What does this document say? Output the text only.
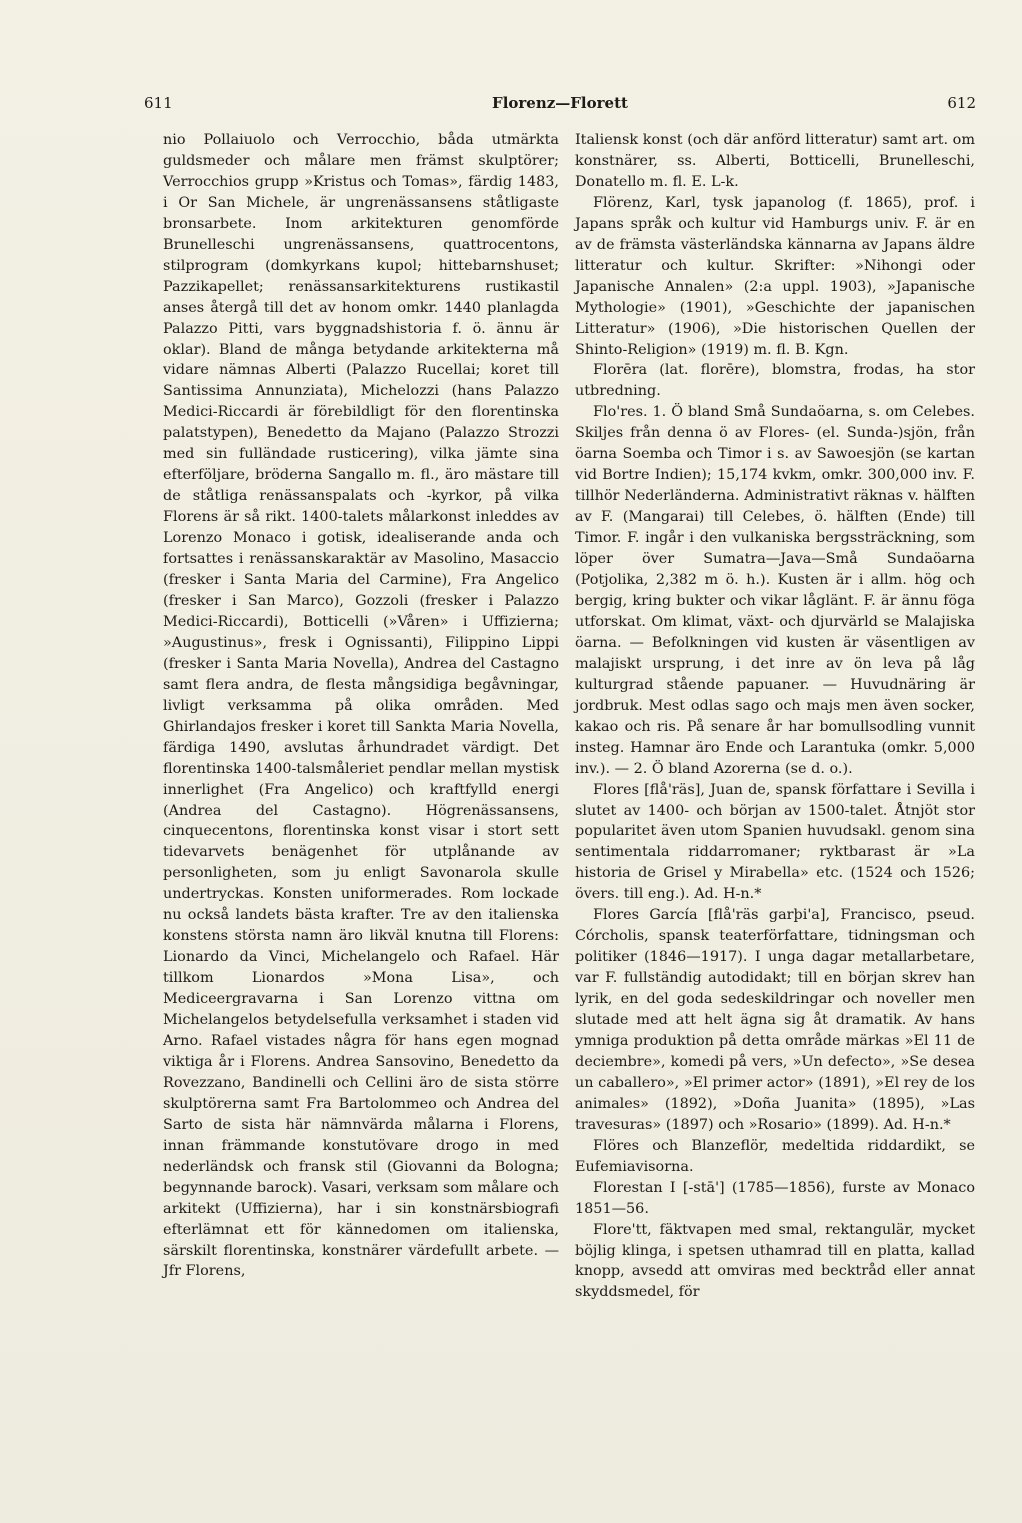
611	Florenz—Florett	612

nio Pollaiuolo och Verrocchio, båda utmärkta guldsmeder och målare men främst skulptörer; Verrocchios grupp »Kristus och Tomas», färdig 1483, i Or San Michele, är ungrenässansens ståtligaste bronsarbete. Inom arkitekturen genomförde Brunelleschi ungrenässansens, quattrocentons, stilprogram (domkyrkans kupol; hittebarnshuset; Pazzikapellet; renässansarkitekturens rustikastil anses återgå till det av honom omkr. 1440 planlagda Palazzo Pitti, vars byggnadshistoria f. ö. ännu är oklar). Bland de många betydande arkitekterna må vidare nämnas Alberti (Palazzo Rucellai; koret till Santissima Annunziata), Michelozzi (hans Palazzo Medici-Riccardi är förebildligt för den florentinska palatstypen), Benedetto da Majano (Palazzo Strozzi med sin fulländade rusticering), vilka jämte sina efterföljare, bröderna Sangallo m. fl., äro mästare till de ståtliga renässanspalats och -kyrkor, på vilka Florens är så rikt. 1400-talets målarkonst inleddes av Lorenzo Monaco i gotisk, idealiserande anda och fortsattes i renässanskaraktär av Masolino, Masaccio (fresker i Santa Maria del Carmine), Fra Angelico (fresker i San Marco), Gozzoli (fresker i Palazzo Medici-Riccardi), Botticelli (»Våren» i Uffizierna; »Augustinus», fresk i Ognissanti), Filippino Lippi (fresker i Santa Maria Novella), Andrea del Castagno samt flera andra, de flesta mångsidiga begåvningar, livligt verksamma på olika områden. Med Ghirlandajos fresker i koret till Sankta Maria Novella, färdiga 1490, avslutas århundradet värdigt. Det florentinska 1400-talsmåleriet pendlar mellan mystisk innerlighet (Fra Angelico) och kraftfylld energi (Andrea del Castagno). Högrenässansens, cinquecentons, florentinska konst visar i stort sett tidevarvets benägenhet för utplånande av personligheten, som ju enligt Savonarola skulle undertryckas. Konsten uniformerades. Rom lockade nu också landets bästa krafter. Tre av den italienska konstens största namn äro likväl knutna till Florens: Lionardo da Vinci, Michelangelo och Rafael. Här tillkom Lionardos »Mona Lisa», och Mediceergravarna i San Lorenzo vittna om Michelangelos betydelsefulla verksamhet i staden vid Arno. Rafael vistades några för hans egen mognad viktiga år i Florens. Andrea Sansovino, Benedetto da Rovezzano, Bandinelli och Cellini äro de sista större skulptörerna samt Fra Bartolommeo och Andrea del Sarto de sista här nämnvärda målarna i Florens, innan främmande konstutövare drogo in med nederländsk och fransk stil (Giovanni da Bologna; begynnande barock). Vasari, verksam som målare och arkitekt (Uffizierna), har i sin konstnärsbiografi efterlämnat ett för kännedomen om italienska, särskilt florentinska, konstnärer värdefullt arbete. — Jfr Florens,

Italiensk konst (och där anförd litteratur) samt art. om konstnärer, ss. Alberti, Botticelli, Brunelleschi, Donatello m. fl. E. L-k.

Flörenz, Karl, tysk japanolog (f. 1865), prof. i Japans språk och kultur vid Hamburgs univ. F. är en av de främsta västerländska kännarna av Japans äldre litteratur och kultur. Skrifter: »Nihongi oder Japanische Annalen» (2:a uppl. 1903), »Japanische Mythologie» (1901), »Geschichte der japanischen Litteratur» (1906), »Die historischen Quellen der Shinto-Religion» (1919) m. fl. B. Kgn.

Florēra (lat. florēre), blomstra, frodas, ha stor utbredning.

Flo'res. 1. Ö bland Små Sundaöarna, s. om Celebes. Skiljes från denna ö av Flores- (el. Sunda-)sjön, från öarna Soemba och Timor i s. av Sawoesjön (se kartan vid Bortre Indien); 15,174 kvkm, omkr. 300,000 inv. F. tillhör Nederländerna. Administrativt räknas v. hälften av F. (Mangarai) till Celebes, ö. hälften (Ende) till Timor. F. ingår i den vulkaniska bergssträckning, som löper över Sumatra—Java—Små Sundaöarna (Potjolika, 2,382 m ö. h.). Kusten är i allm. hög och bergig, kring bukter och vikar låglänt. F. är ännu föga utforskat. Om klimat, växt- och djurvärld se Malajiska öarna. — Befolkningen vid kusten är väsentligen av malajiskt ursprung, i det inre av ön leva på låg kulturgrad stående papuaner. — Huvudnäring är jordbruk. Mest odlas sago och majs men även socker, kakao och ris. På senare år har bomullsodling vunnit insteg. Hamnar äro Ende och Larantuka (omkr. 5,000 inv.). — 2. Ö bland Azorerna (se d. o.).

Flores [flå'räs], Juan de, spansk författare i Sevilla i slutet av 1400- och början av 1500-talet. Åtnjöt stor popularitet även utom Spanien huvudsakl. genom sina sentimentala riddarromaner; ryktbarast är »La historia de Grisel y Mirabella» etc. (1524 och 1526; övers. till eng.). Ad. H-n.*

Flores García [flå'räs garþi'a], Francisco, pseud. Córcholis, spansk teaterförfattare, tidningsman och politiker (1846—1917). I unga dagar metallarbetare, var F. fullständig autodidakt; till en början skrev han lyrik, en del goda sedeskildringar och noveller men slutade med att helt ägna sig åt dramatik. Av hans ymniga produktion på detta område märkas »El 11 de deciembre», komedi på vers, »Un defecto», »Se desea un caballero», »El primer actor» (1891), »El rey de los animales» (1892), »Doña Juanita» (1895), »Las travesuras» (1897) och »Rosario» (1899). Ad. H-n.*

Flöres och Blanzeflör, medeltida riddardikt, se Eufemiavisorna.

Florestan I [-stā'] (1785—1856), furste av Monaco 1851—56.

Flore'tt, fäktvapen med smal, rektangulär, mycket böjlig klinga, i spetsen uthamrad till en platta, kallad knopp, avsedd att omviras med becktråd eller annat skyddsmedel, för
